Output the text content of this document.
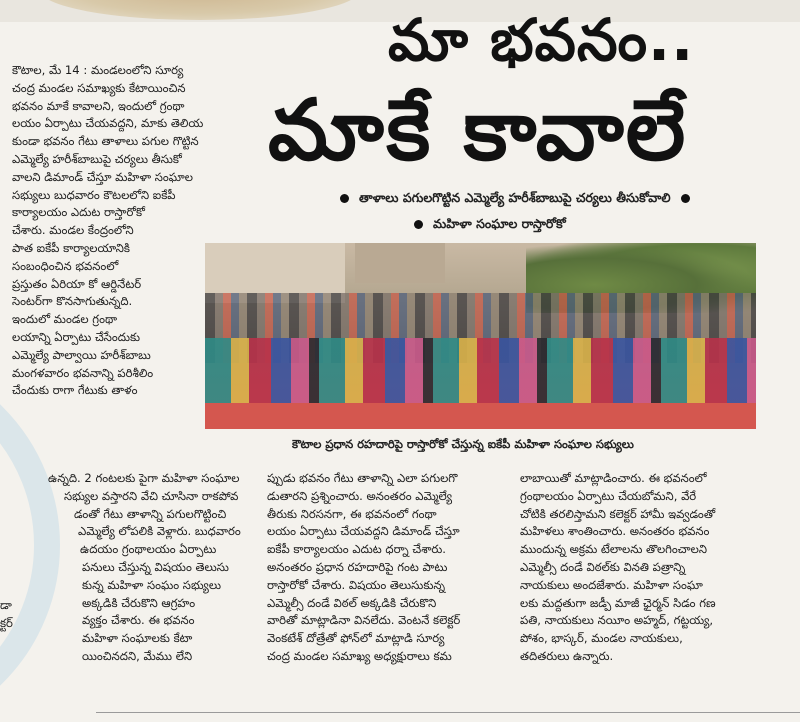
మా భవనం..
మాకే కావాలే
తాళాలు పగులగొట్టిన ఎమ్మెల్యే హరీశ్‌బాబుపై చర్యలు తీసుకోవాలి
మహిళా సంఘాల రాస్తారోకో
కౌటాల ప్రధాన రహదారిపై రాస్తారోకో చేస్తున్న ఐకేపీ మహిళా సంఘాల సభ్యులు

కౌటాల, మే 14 : మండలంలోని సూర్య

చంద్ర మండల సమాఖ్యకు కేటాయించిన

భవనం మాకే కావాలని, ఇందులో గ్రంథా

లయం ఏర్పాటు చేయవద్దని, మాకు తెలియ

కుండా భవనం గేటు తాళాలు పగుల గొట్టిన

ఎమ్మెల్యే హరీశ్‌బాబుపై చర్యలు తీసుకో

వాలని డిమాండ్ చేస్తూ మహిళా సంఘాల

సభ్యులు బుధవారం కౌటలలోని ఐకేపీ

కార్యాలయం ఎదుట రాస్తారోకో

చేశారు. మండల కేంద్రంలోని

పాత ఐకేపీ కార్యాలయానికి

సంబంధించిన భవనంలో

ప్రస్తుతం ఏరియా కో ఆర్డినేటర్

సెంటర్‌గా కొనసాగుతున్నది.

ఇందులో మండల గ్రంథా

లయాన్ని ఏర్పాటు చేసేందుకు

ఎమ్మెల్యే పాల్వాయి హరీశ్‌బాబు

మంగళవారం భవనాన్ని పరిశీలిం

చేందుకు రాగా గేటుకు తాళం

ఉన్నది. 2 గంటలకు పైగా మహిళా సంఘాల

సభ్యుల వస్తారని వేచి చూసినా రాకపోవ

డంతో గేటు తాళాన్ని పగులగొట్టించి

ఎమ్మెల్యే లోపలికి వెళ్లారు. బుధవారం

ఉదయం గ్రంథాలయం ఏర్పాటు

పనులు చేస్తున్న విషయం తెలుసు

కున్న మహిళా సంఘం సభ్యులు

అక్కడికి చేరుకొని ఆగ్రహం

వ్యక్తం చేశారు. ఈ భవనం

మహిళా సంఘాలకు కేటా

యించినదని, మేము లేని

డా
క్టర్

ప్పుడు భవనం గేటు తాళాన్ని ఎలా పగులగొ

డుతారని ప్రశ్నించారు. అనంతరం ఎమ్మెల్యే

తీరుకు నిరసనగా, ఈ భవనంలో గంథా

లయం ఏర్పాటు చేయవద్దని డిమాండ్ చేస్తూ

ఐకేపీ కార్యాలయం ఎదుట ధర్నా చేశారు.

అనంతరం ప్రధాన రహదారిపై గంట పాటు

రాస్తారోకో చేశారు. విషయం తెలుసుకున్న

ఎమ్మెల్సీ దండే విఠల్ అక్కడికి చేరుకొని

వారితో మాట్లాడినా వినలేదు. వెంటనే కలెక్టర్

వెంకటేశ్ దోత్రేతో ఫోన్‌లో మాట్లాడి సూర్య

చంద్ర మండల సమాఖ్య అధ్యక్షురాలు కమ

లాబాయితో మాట్లాడించారు. ఈ భవనంలో

గ్రంథాలయం ఏర్పాటు చేయబోమని, వేరే

చోటికి తరలిస్తామని కలెక్టర్ హామీ ఇవ్వడంతో

మహిళలు శాంతించారు. అనంతరం భవనం

ముందున్న అక్రమ టేలాలను తొలగించాలని

ఎమ్మెల్సీ దండే విఠల్‌కు వినతి పత్రాన్ని

నాయకులు అందజేశారు. మహిళా సంఘా

లకు మద్దతుగా జడ్పీ మాజీ ఛైర్మన్ సిడం గణ

పతి, నాయకులు నయీం అహ్మద్, గట్టయ్య,

పోశం, భాస్కర్, మండల నాయకులు,

తదితరులు ఉన్నారు.
